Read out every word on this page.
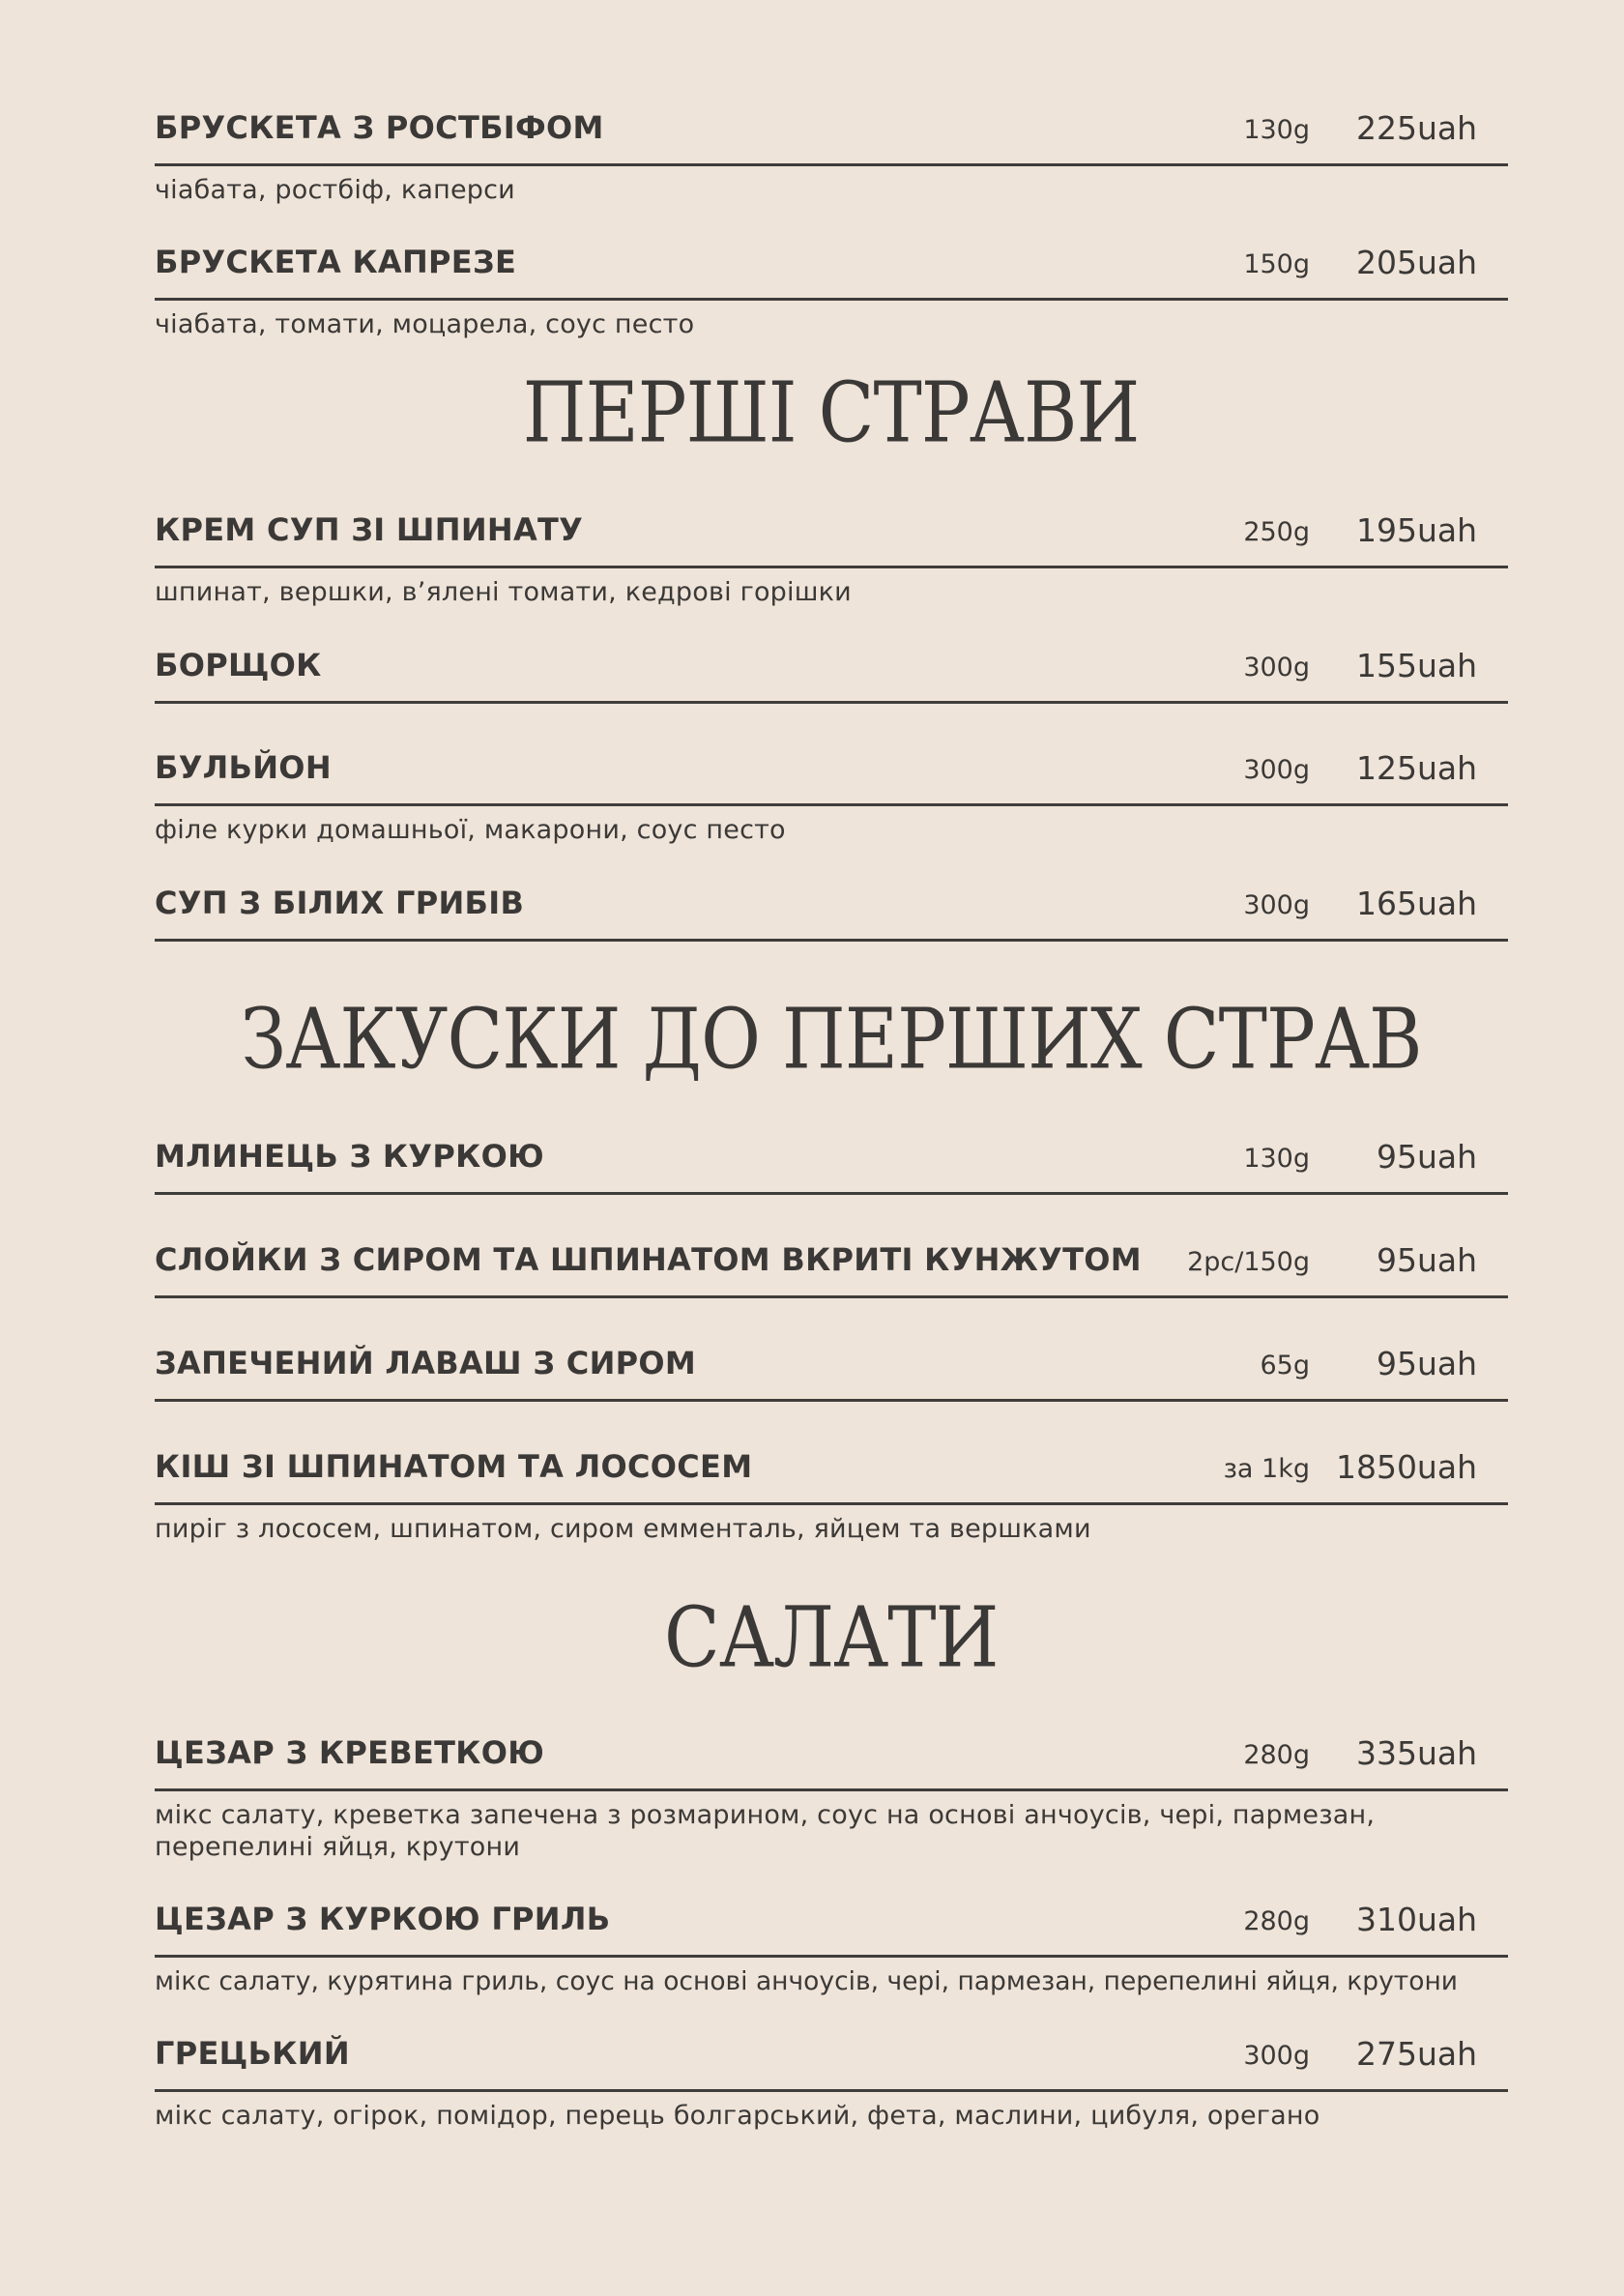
БРУСКЕТА З РОСТБІФОМ	130g 225uah
чіабата, ростбіф, каперси
БРУСКЕТА КАПРЕЗЕ	150g 205uah
чіабата, томати, моцарела, соус песто
ПЕРШІ СТРАВИ
КРЕМ СУП ЗІ ШПИНАТУ	250g 195uah
шпинат, вершки, в’ялені томати, кедрові горішки
БОРЩОК	300g 155uah
БУЛЬЙОН	300g 125uah
філе курки домашньої, макарони, соус песто
СУП З БІЛИХ ГРИБІВ	300g 165uah
ЗАКУСКИ ДО ПЕРШИХ СТРАВ
МЛИНЕЦЬ З КУРКОЮ	130g 95uah
СЛОЙКИ З СИРОМ ТА ШПИНАТОМ ВКРИТІ КУНЖУТОМ 2pc/150g 95uah
ЗАПЕЧЕНИЙ ЛАВАШ З СИРОМ	65g 95uah
КІШ ЗІ ШПИНАТОМ ТА ЛОСОСЕМ	за 1kg 1850uah
пиріг з лососем, шпинатом, сиром емменталь, яйцем та вершками
САЛАТИ
ЦЕЗАР З КРЕВЕТКОЮ	280g 335uah
мікс салату, креветка запечена з розмарином, соус на основі анчоусів, чері, пармезан, перепелині яйця, крутони
ЦЕЗАР З КУРКОЮ ГРИЛЬ	280g 310uah
мікс салату, курятина гриль, соус на основі анчоусів, чері, пармезан, перепелині яйця, крутони
ГРЕЦЬКИЙ	300g 275uah
мікс салату, огірок, помідор, перець болгарський, фета, маслини, цибуля, орегано
